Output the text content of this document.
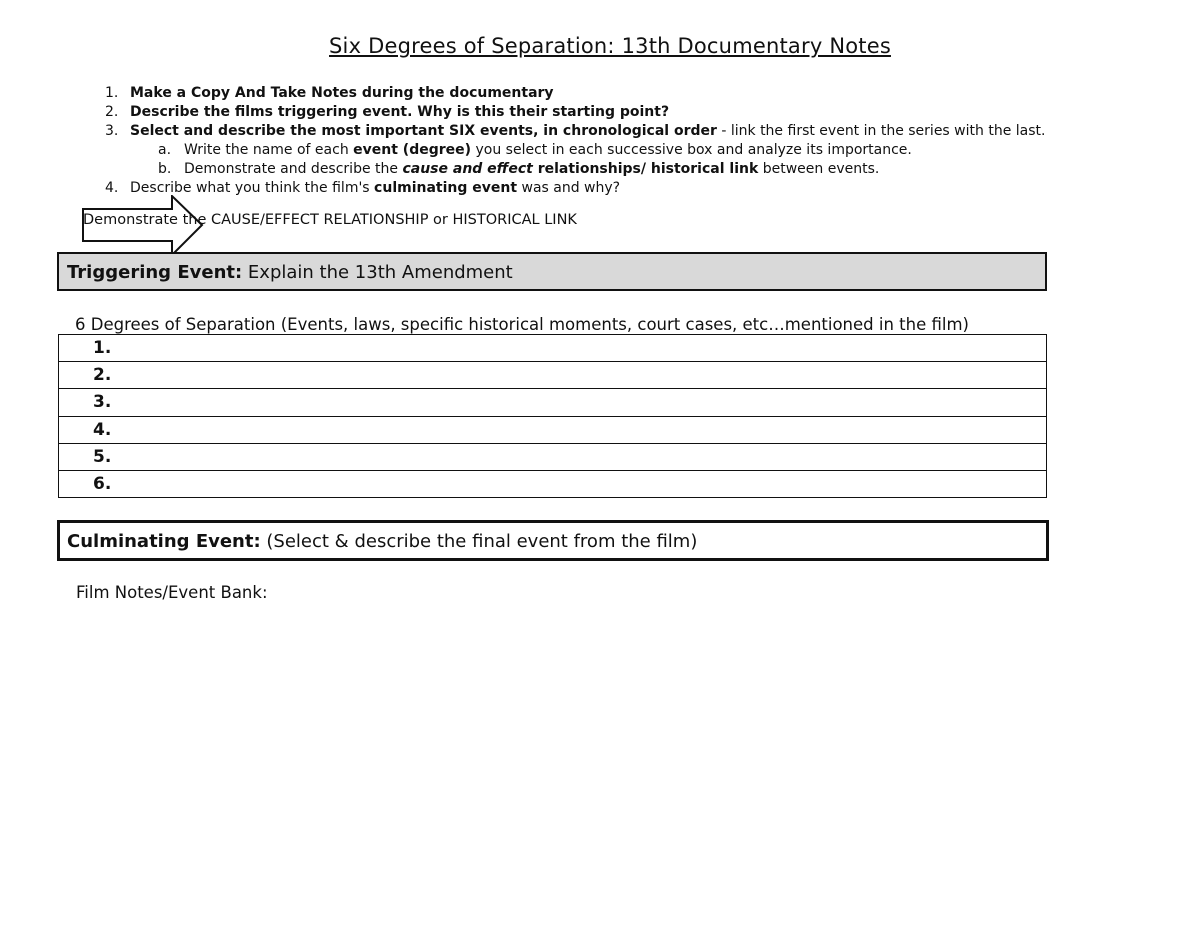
Six Degrees of Separation: 13th Documentary Notes
1. Make a Copy And Take Notes during the documentary
2. Describe the films triggering event. Why is this their starting point?
3. Select and describe the most important SIX events, in chronological order - link the first event in the series with the last.
a. Write the name of each event (degree) you select in each successive box and analyze its importance.
b. Demonstrate and describe the cause and effect relationships/ historical link between events.
4. Describe what you think the film's culminating event was and why?
Demonstrate the CAUSE/EFFECT RELATIONSHIP or HISTORICAL LINK
Triggering Event: Explain the 13th Amendment
6 Degrees of Separation (Events, laws, specific historical moments, court cases, etc…mentioned in the film)
1.
2.
3.
4.
5.
6.
Culminating Event: (Select & describe the final event from the film)
Film Notes/Event Bank:
